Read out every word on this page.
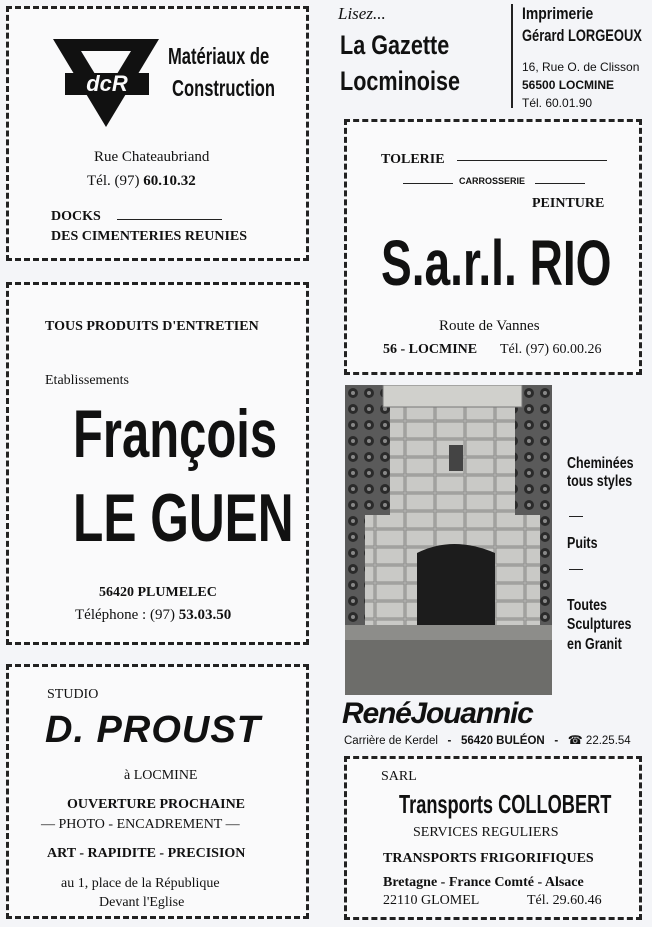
dcR
Matériaux de
Construction
Rue Chateaubriand
Tél. (97) 60.10.32
DOCKS
DES CIMENTERIES REUNIES
Lisez...
La Gazette
Locminoise
Imprimerie
Gérard LORGEOUX
16, Rue O. de Clisson
56500 LOCMINE
Tél. 60.01.90
TOLERIE
CARROSSERIE
PEINTURE
S.a.r.l. RIO
Route de Vannes
56 - LOCMINE Tél. (97) 60.00.26
TOUS PRODUITS D'ENTRETIEN
Etablissements
François
LE GUEN
56420 PLUMELEC
Téléphone : (97) 53.03.50
Cheminées
tous styles
Puits
Toutes
Sculptures
en Granit
RenéJouannic
Carrière de Kerdel   -   56420 BULÉON   -   ☎ 22.25.54
STUDIO
D. PROUST
à LOCMINE
OUVERTURE PROCHAINE
— PHOTO - ENCADREMENT —
ART - RAPIDITE - PRECISION
au 1, place de la République
Devant l'Eglise
SARL
Transports COLLOBERT
SERVICES REGULIERS
TRANSPORTS FRIGORIFIQUES
Bretagne - France Comté - Alsace
22110 GLOMEL	Tél. 29.60.46
